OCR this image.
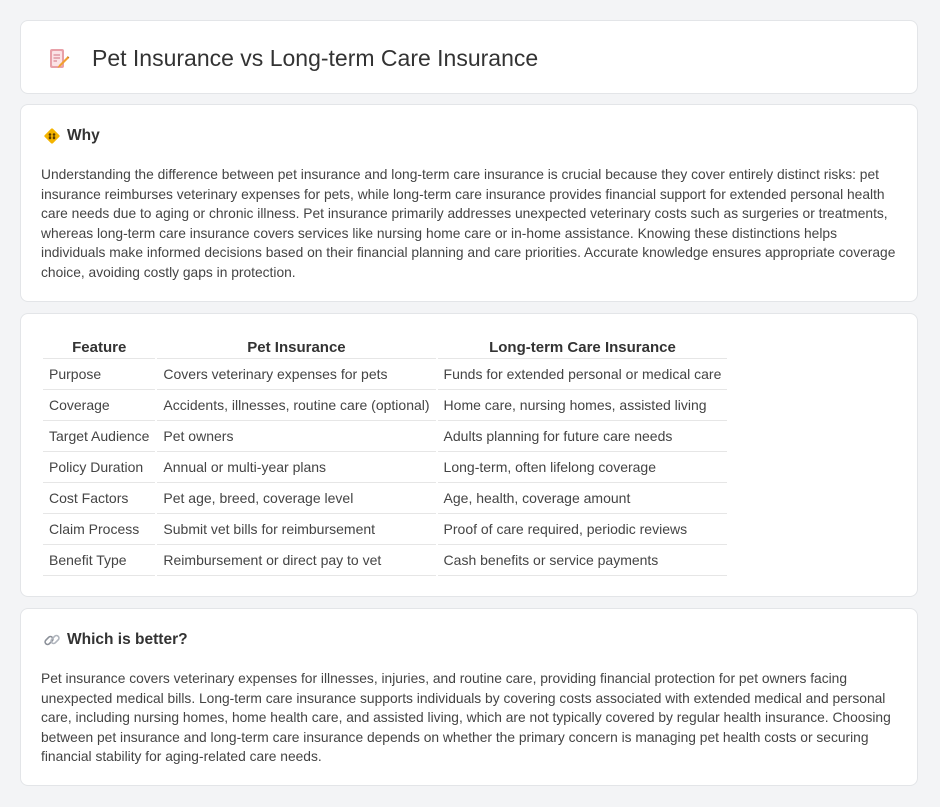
Pet Insurance vs Long-term Care Insurance
Why

Understanding the difference between pet insurance and long-term care insurance is crucial because they cover entirely distinct risks: pet insurance reimburses veterinary expenses for pets, while long-term care insurance provides financial support for extended personal health care needs due to aging or chronic illness. Pet insurance primarily addresses unexpected veterinary costs such as surgeries or treatments, whereas long-term care insurance covers services like nursing home care or in-home assistance. Knowing these distinctions helps individuals make informed decisions based on their financial planning and care priorities. Accurate knowledge ensures appropriate coverage choice, avoiding costly gaps in protection.

Feature	Pet Insurance	Long-term Care Insurance
Purpose	Covers veterinary expenses for pets	Funds for extended personal or medical care
Coverage	Accidents, illnesses, routine care (optional)	Home care, nursing homes, assisted living
Target Audience	Pet owners	Adults planning for future care needs
Policy Duration	Annual or multi-year plans	Long-term, often lifelong coverage
Cost Factors	Pet age, breed, coverage level	Age, health, coverage amount
Claim Process	Submit vet bills for reimbursement	Proof of care required, periodic reviews
Benefit Type	Reimbursement or direct pay to vet	Cash benefits or service payments
Which is better?

Pet insurance covers veterinary expenses for illnesses, injuries, and routine care, providing financial protection for pet owners facing unexpected medical bills. Long-term care insurance supports individuals by covering costs associated with extended medical and personal care, including nursing homes, home health care, and assisted living, which are not typically covered by regular health insurance. Choosing between pet insurance and long-term care insurance depends on whether the primary concern is managing pet health costs or securing financial stability for aging-related care needs.
